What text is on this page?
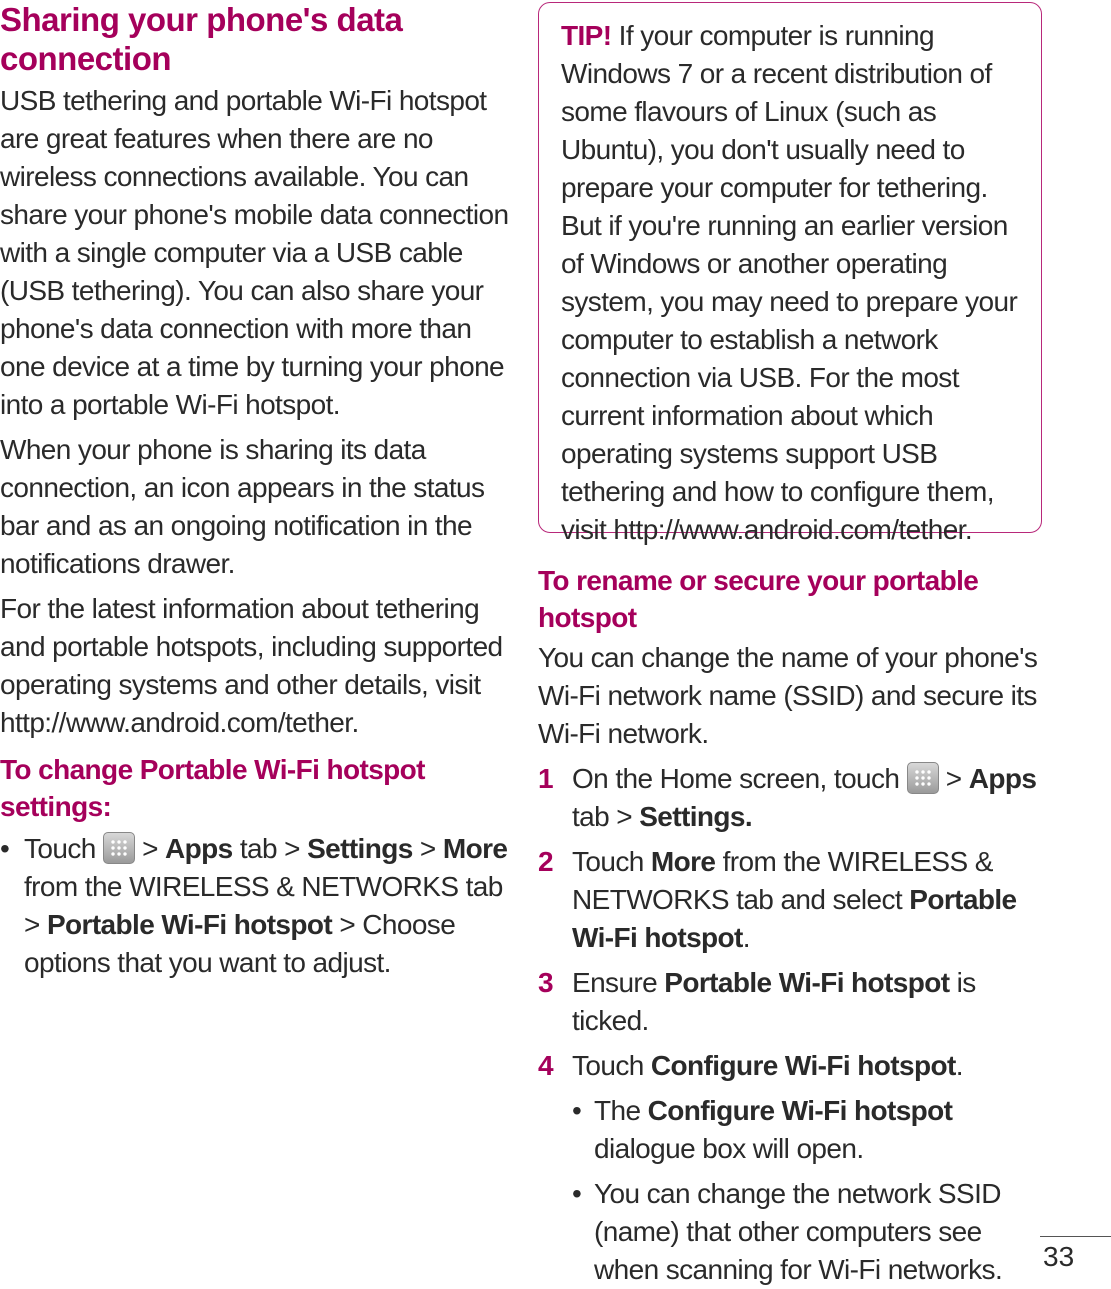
Sharing your phone's data connection

USB tethering and portable Wi-Fi hotspot are great features when there are no wireless connections available. You can share your phone's mobile data connection with a single computer via a USB cable (USB tethering). You can also share your phone's data connection with more than one device at a time by turning your phone into a portable Wi-Fi hotspot.

When your phone is sharing its data connection, an icon appears in the status bar and as an ongoing notification in the notifications drawer.

For the latest information about tethering and portable hotspots, including supported operating systems and other details, visit http://www.android.com/tether.

To change Portable Wi-Fi hotspot settings:
• Touch  > Apps tab > Settings > More from the WIRELESS & NETWORKS tab > Portable Wi-Fi hotspot > Choose options that you want to adjust.

TIP! If your computer is running Windows 7 or a recent distribution of some flavours of Linux (such as Ubuntu), you don't usually need to prepare your computer for tethering. But if you're running an earlier version of Windows or another operating system, you may need to prepare your computer to establish a network connection via USB. For the most current information about which operating systems support USB tethering and how to configure them, visit http://www.android.com/tether.

To rename or secure your portable hotspot

You can change the name of your phone's Wi-Fi network name (SSID) and secure its Wi-Fi network.

1 On the Home screen, touch  > Apps tab > Settings.

2 Touch More from the WIRELESS & NETWORKS tab and select Portable Wi-Fi hotspot.

3 Ensure Portable Wi-Fi hotspot is ticked.

4 Touch Configure Wi-Fi hotspot.

• The Configure Wi-Fi hotspot dialogue box will open.

• You can change the network SSID (name) that other computers see when scanning for Wi-Fi networks.	33
